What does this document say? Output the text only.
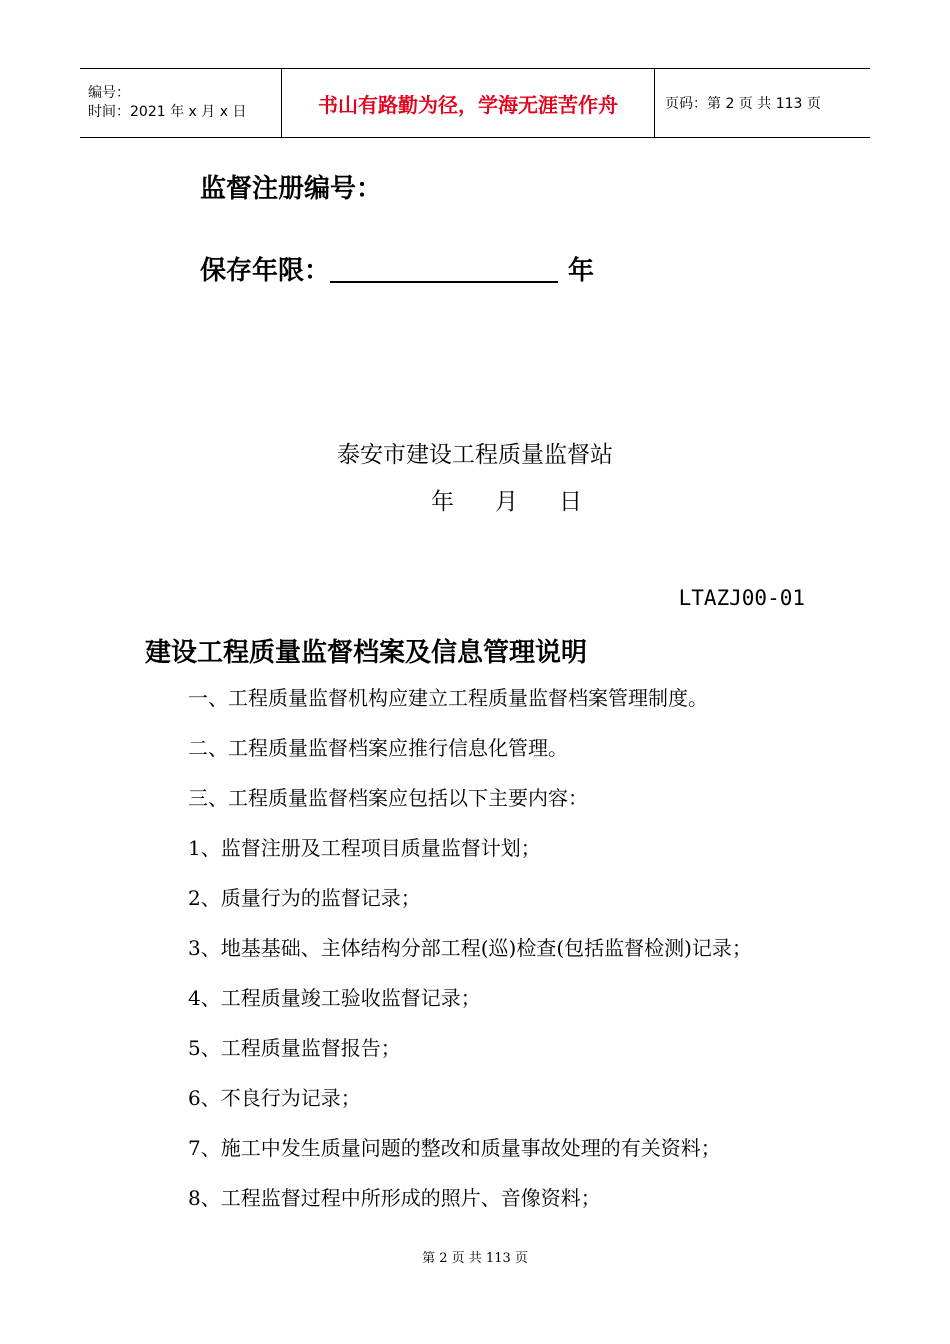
编号：
时间：2021 年 x 月 x 日	书山有路勤为径，学海无涯苦作舟	页码：第 2 页 共 113 页
监督注册编号：
保存年限：	年
泰安市建设工程质量监督站
年 月 日
LTAZJ00-01
建设工程质量监督档案及信息管理说明
一、工程质量监督机构应建立工程质量监督档案管理制度。
二、工程质量监督档案应推行信息化管理。
三、工程质量监督档案应包括以下主要内容：
1、监督注册及工程项目质量监督计划；
2、质量行为的监督记录；
3、地基基础、主体结构分部工程(巡)检查(包括监督检测)记录；
4、工程质量竣工验收监督记录；
5、工程质量监督报告；
6、不良行为记录；
7、施工中发生质量问题的整改和质量事故处理的有关资料；
8、工程监督过程中所形成的照片、音像资料；
第 2 页 共 113 页
